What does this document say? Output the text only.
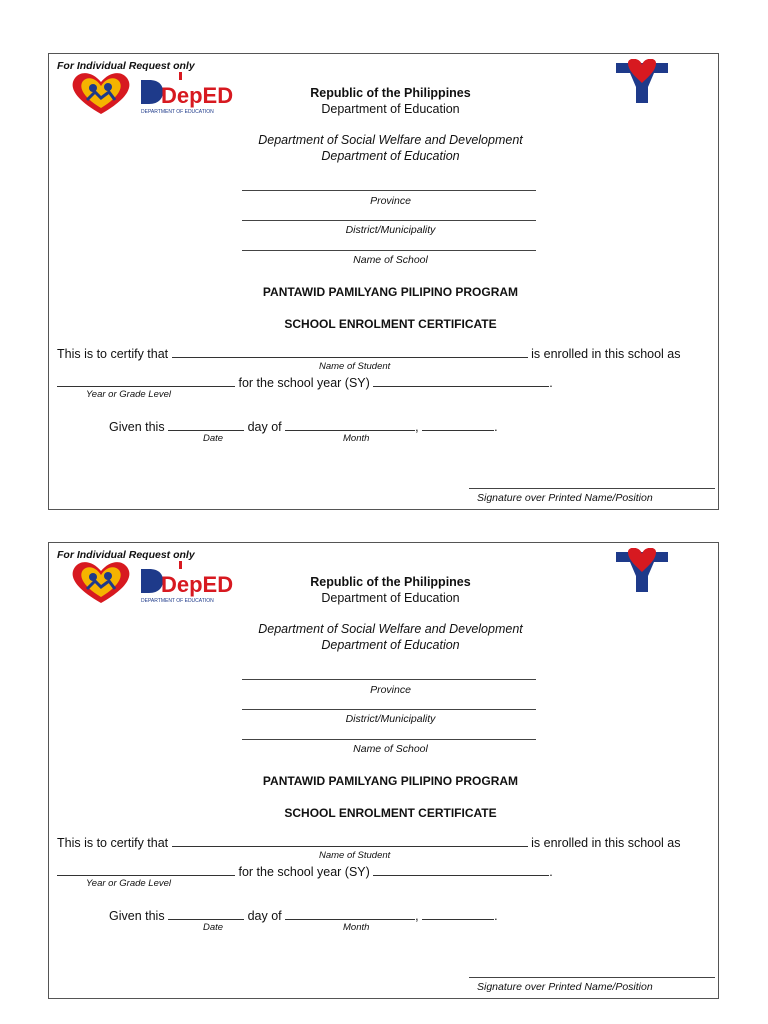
For Individual Request only
DepED
DEPARTMENT OF EDUCATION
Republic of the Philippines
Department of Education
Department of Social Welfare and Development
Department of Education
Province
District/Municipality
Name of School
PANTAWID PAMILYANG PILIPINO PROGRAM
SCHOOL ENROLMENT CERTIFICATE
This is to certify that	is enrolled in this school as
Name of Student
for the school year (SY)	.
Year or Grade Level
Given this	day of	,	.
Date	Month
Signature over Printed Name/Position
For Individual Request only
DepED
DEPARTMENT OF EDUCATION
Republic of the Philippines
Department of Education
Department of Social Welfare and Development
Department of Education
Province
District/Municipality
Name of School
PANTAWID PAMILYANG PILIPINO PROGRAM
SCHOOL ENROLMENT CERTIFICATE
This is to certify that	is enrolled in this school as
Name of Student
for the school year (SY)	.
Year or Grade Level
Given this	day of	,	.
Date	Month
Signature over Printed Name/Position
